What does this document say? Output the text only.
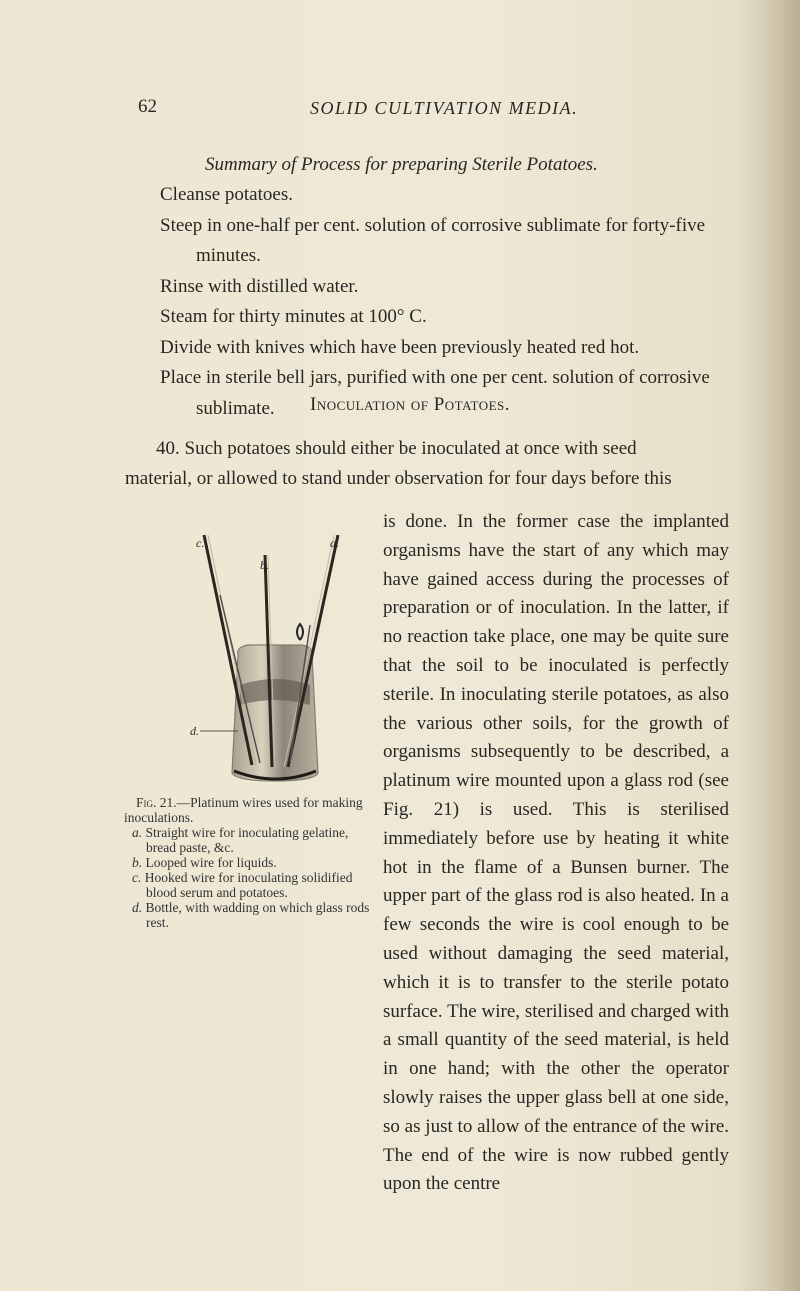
62	SOLID CULTIVATION MEDIA.
Summary of Process for preparing Sterile Potatoes.
Cleanse potatoes.
Steep in one-half per cent. solution of corrosive sublimate for forty-five minutes.
Rinse with distilled water.
Steam for thirty minutes at 100° C.
Divide with knives which have been previously heated red hot.
Place in sterile bell jars, purified with one per cent. solution of corrosive sublimate.	Inoculation of Potatoes.

40. Such potatoes should either be inoculated at once with seed
material, or allowed to stand under observation for four days before this

is done. In the former case the implanted organisms have the start of any which may have gained access during the processes of preparation or of inoculation. In the latter, if no reaction take place, one may be quite sure that the soil to be inoculated is perfectly sterile. In inoculating sterile potatoes, as also the various other soils, for the growth of organisms subsequently to be described, a platinum wire mounted upon a glass rod (see Fig. 21) is used. This is sterilised immediately before use by heating it white hot in the flame of a Bunsen burner. The upper part of the glass rod is also heated. In a few seconds the wire is cool enough to be used without damaging the seed material, which it is to transfer to the sterile potato surface. The wire, sterilised and charged with a small quantity of the seed material, is held in one hand; with the other the operator slowly raises the upper glass bell at one side, so as just to allow of the entrance of the wire. The end of the wire is now rubbed gently upon the centre

d.
c.
b.
a.
Fig. 21.—Platinum wires used for making inoculations.
a. Straight wire for inoculating gelatine, bread paste, &c.
b. Looped wire for liquids.
c. Hooked wire for inoculating solidified blood serum and potatoes.
d. Bottle, with wadding on which glass rods rest.
